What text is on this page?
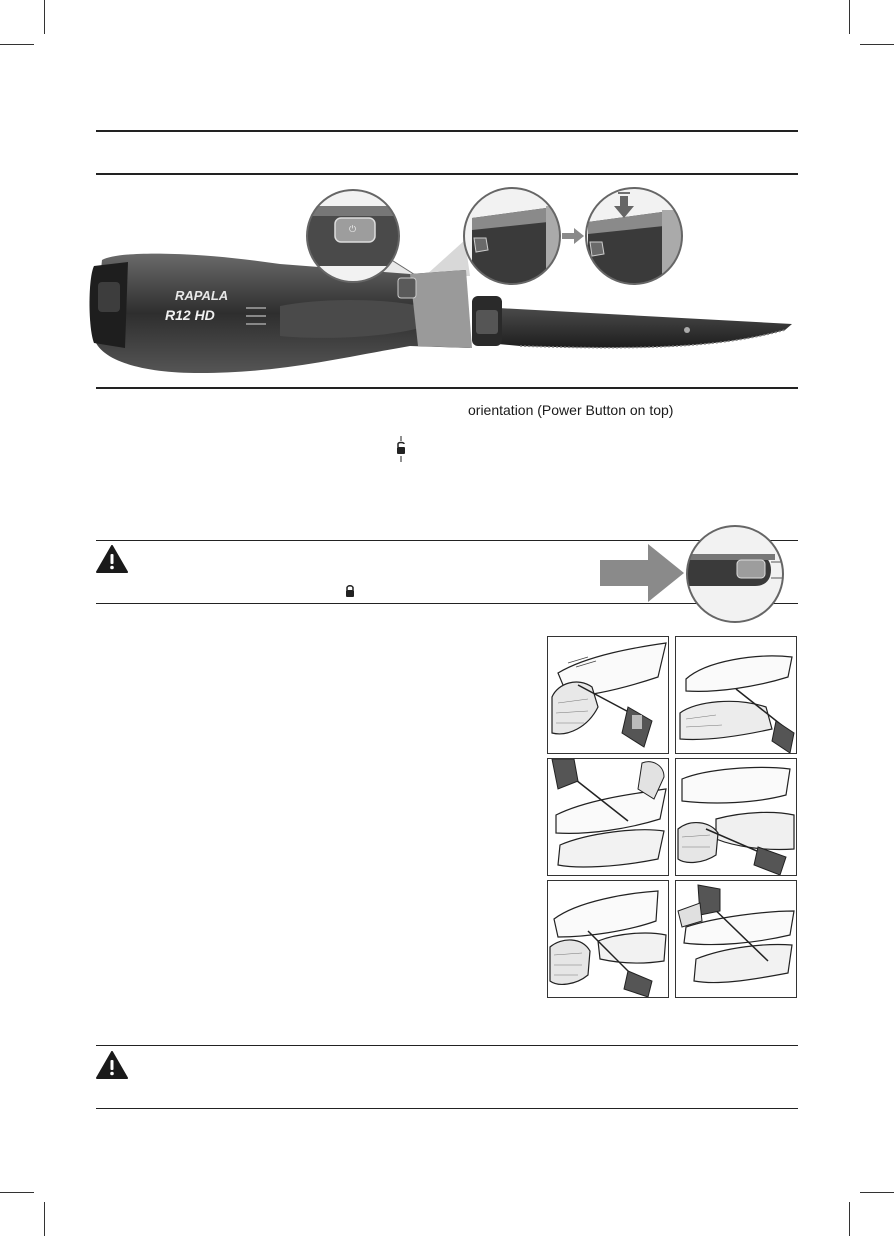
RAPALA
R12 HD
⏻
orientation (Power Button on top)
